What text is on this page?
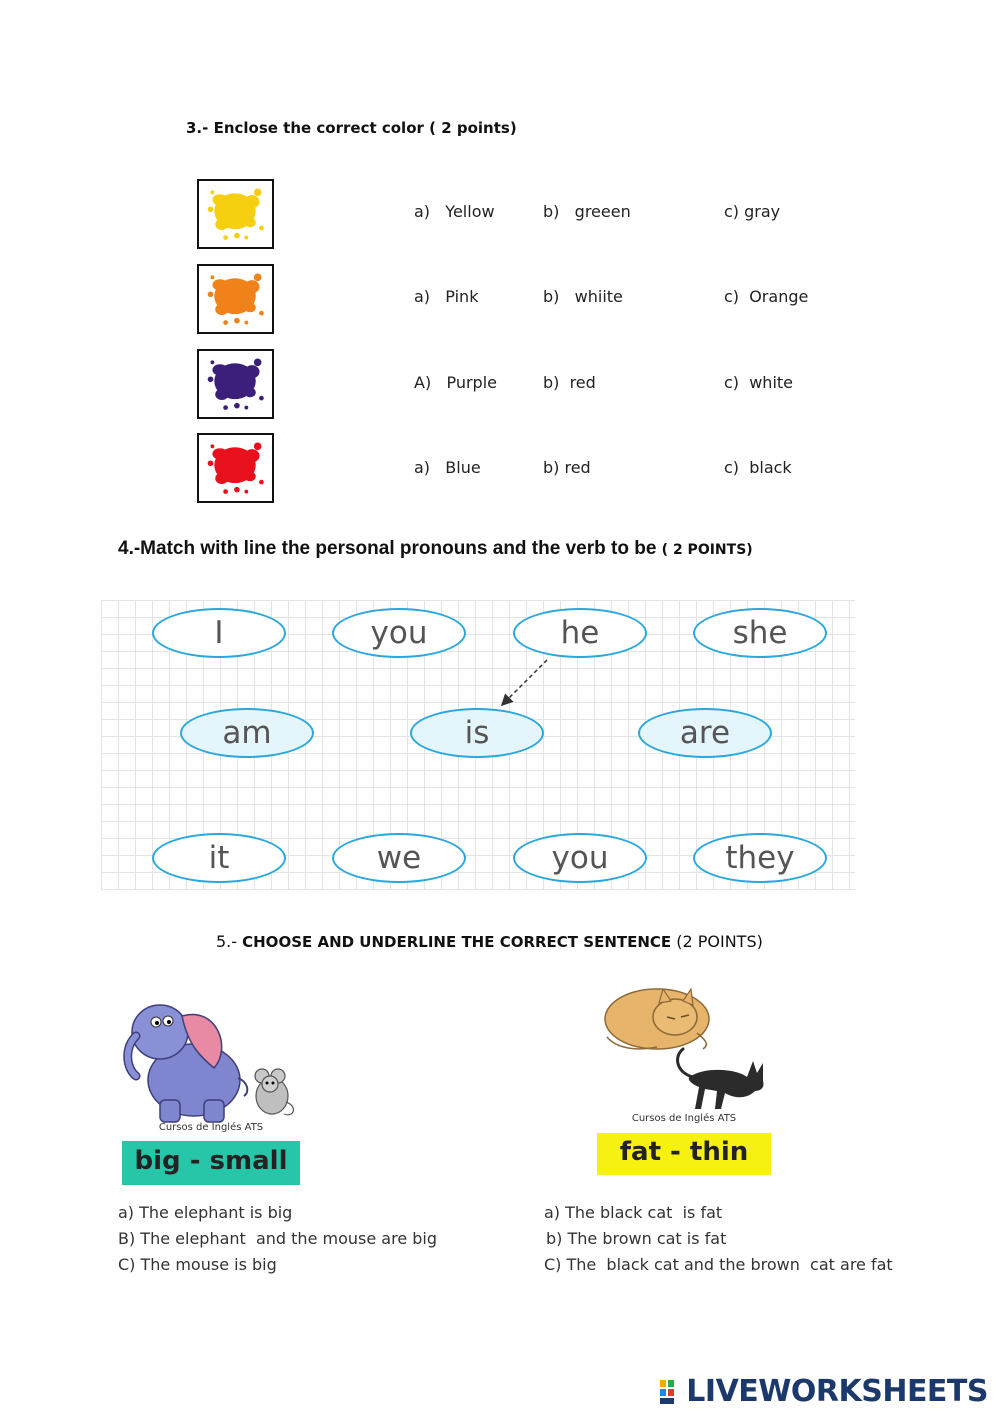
3.- Enclose the correct color ( 2 points)
a)   Yellow	b)   greeen	c) gray
a)   Pink	b)   whiite	c)  Orange
A)   Purple	b)  red	c)  white
a)   Blue	b) red	c)  black
4.-Match with line the personal pronouns and the verb to be ( 2 POINTS)
I	you	he	she
am	is	are
it	we	you	they
5.- CHOOSE AND UNDERLINE THE CORRECT SENTENCE (2 POINTS)
Cursos de Inglés ATS
big - small
Cursos de Inglés ATS
fat - thin
a) The elephant is big
B) The elephant  and the mouse are big
C) The mouse is big
a) The black cat  is fat
b) The brown cat is fat
C) The  black cat and the brown  cat are fat
LIVEWORKSHEETS
